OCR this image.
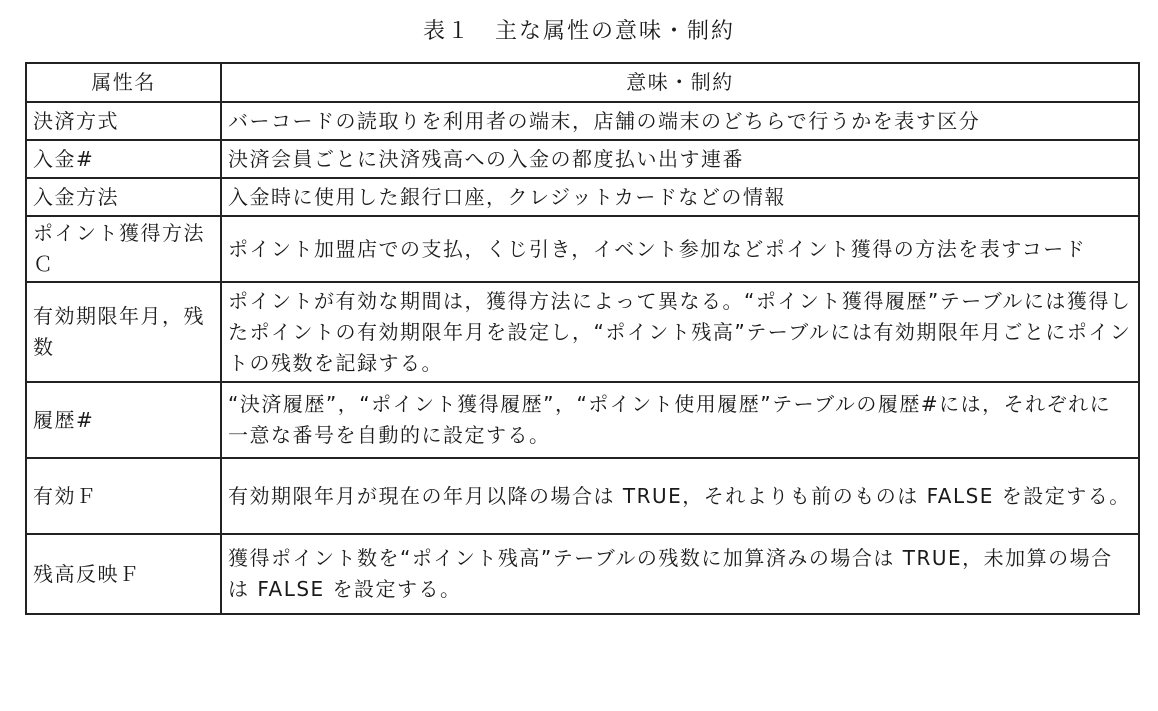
表１　主な属性の意味・制約
属性名	意味・制約
決済方式	バーコードの読取りを利用者の端末，店舗の端末のどちらで行うかを表す区分
入金#	決済会員ごとに決済残高への入金の都度払い出す連番
入金方法	入金時に使用した銀行口座，クレジットカードなどの情報
ポイント獲得方法Ｃ	ポイント加盟店での支払，くじ引き，イベント参加などポイント獲得の方法を表すコード
有効期限年月，残数	ポイントが有効な期間は，獲得方法によって異なる。“ポイント獲得履歴”テーブルには獲得したポイントの有効期限年月を設定し，“ポイント残高”テーブルには有効期限年月ごとにポイントの残数を記録する。
履歴#	“決済履歴”，“ポイント獲得履歴”，“ポイント使用履歴”テーブルの履歴#には，それぞれに一意な番号を自動的に設定する。
有効Ｆ	有効期限年月が現在の年月以降の場合は TRUE，それよりも前のものは FALSE を設定する。
残高反映Ｆ	獲得ポイント数を“ポイント残高”テーブルの残数に加算済みの場合は TRUE，未加算の場合は FALSE を設定する。
